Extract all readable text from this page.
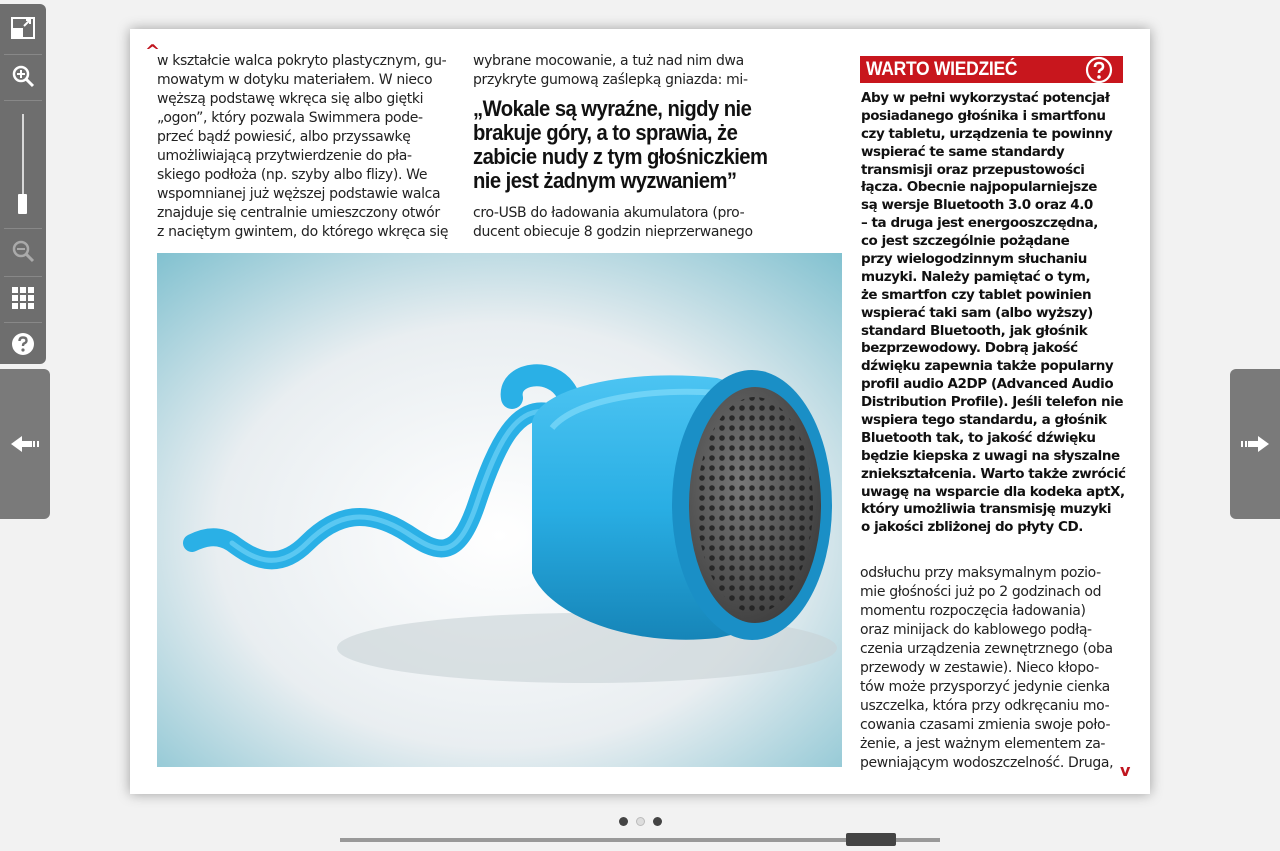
^
w kształcie walca pokryto plastycznym, gu-
mowatym w dotyku materiałem. W nieco
węższą podstawę wkręca się albo giętki
„ogon”, który pozwala Swimmera pode-
przeć bądź powiesić, albo przyssawkę
umożliwiającą przytwierdzenie do pła-
skiego podłoża (np. szyby albo flizy). We
wspomnianej już węższej podstawie walca
znajduje się centralnie umieszczony otwór
z naciętym gwintem, do którego wkręca się
wybrane mocowanie, a tuż nad nim dwa
przykryte gumową zaślepką gniazda: mi-
„Wokale są wyraźne, nigdy nie
brakuje góry, a to sprawia, że
zabicie nudy z tym głośniczkiem
nie jest żadnym wyzwaniem”
cro-USB do ładowania akumulatora (pro-
ducent obiecuje 8 godzin nieprzerwanego
WARTO WIEDZIEĆ
Aby w pełni wykorzystać potencjał
posiadanego głośnika i smartfonu
czy tabletu, urządzenia te powinny
wspierać te same standardy
transmisji oraz przepustowości
łącza. Obecnie najpopularniejsze
są wersje Bluetooth 3.0 oraz 4.0
– ta druga jest energooszczędna,
co jest szczególnie pożądane
przy wielogodzinnym słuchaniu
muzyki. Należy pamiętać o tym,
że smartfon czy tablet powinien
wspierać taki sam (albo wyższy)
standard Bluetooth, jak głośnik
bezprzewodowy. Dobrą jakość
dźwięku zapewnia także popularny
profil audio A2DP (Advanced Audio
Distribution Profile). Jeśli telefon nie
wspiera tego standardu, a głośnik
Bluetooth tak, to jakość dźwięku
będzie kiepska z uwagi na słyszalne
zniekształcenia. Warto także zwrócić
uwagę na wsparcie dla kodeka aptX,
który umożliwia transmisję muzyki
o jakości zbliżonej do płyty CD.
odsłuchu przy maksymalnym pozio-
mie głośności już po 2 godzinach od
momentu rozpoczęcia ładowania)
oraz minijack do kablowego podłą-
czenia urządzenia zewnętrznego (oba
przewody w zestawie). Nieco kłopo-
tów może przysporzyć jedynie cienka
uszczelka, która przy odkręcaniu mo-
cowania czasami zmienia swoje poło-
żenie, a jest ważnym elementem za-
pewniającym wodoszczelność. Druga, v
